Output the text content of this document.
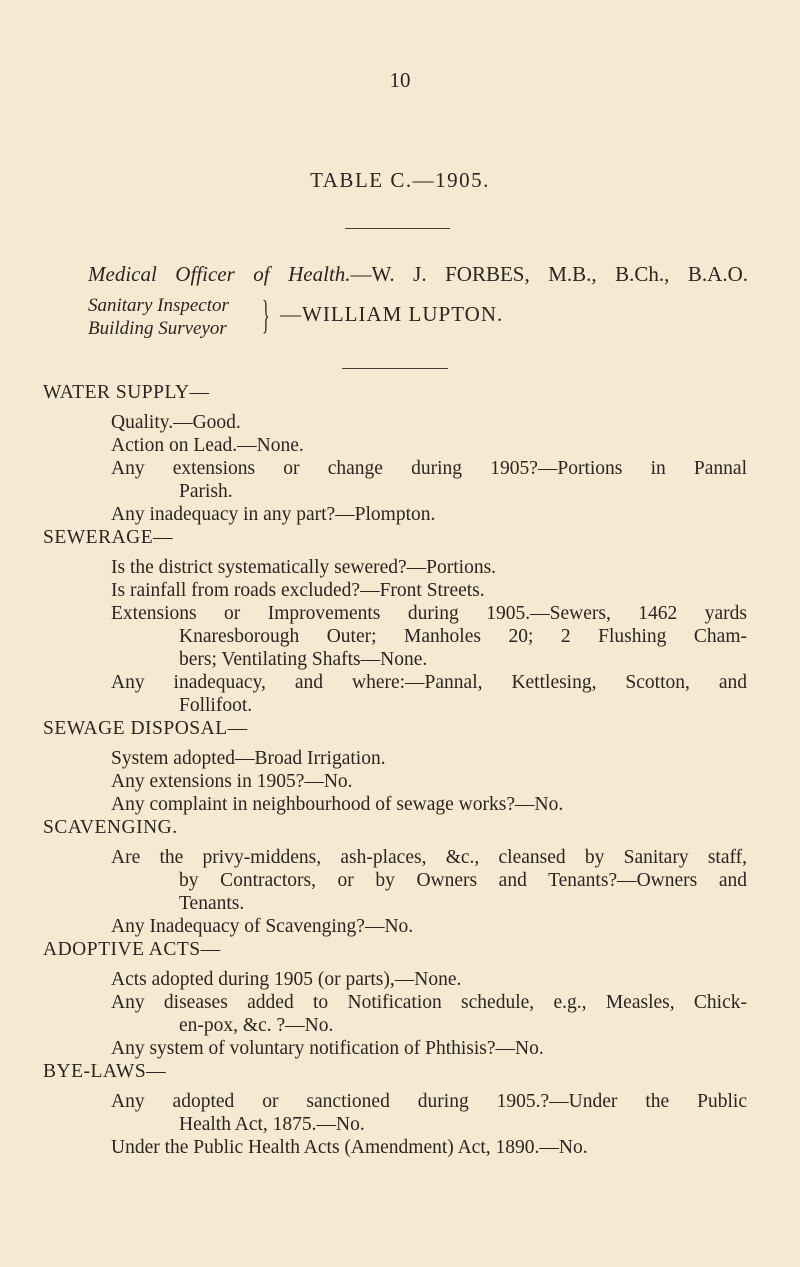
10
TABLE C.—1905.
Medical Officer of Health.—W. J. FORBES, M.B., B.Ch., B.A.O.
Sanitary Inspector
Building Surveyor } —WILLIAM LUPTON.
WATER SUPPLY—
Quality.—Good.
Action on Lead.—None.
Any extensions or change during 1905?—Portions in Pannal
Parish.
Any inadequacy in any part?—Plompton.
SEWERAGE—
Is the district systematically sewered?—Portions.
Is rainfall from roads excluded?—Front Streets.
Extensions or Improvements during 1905.—Sewers, 1462 yards
Knaresborough Outer; Manholes 20; 2 Flushing Cham-
bers; Ventilating Shafts—None.
Any inadequacy, and where:—Pannal, Kettlesing, Scotton, and
Follifoot.
SEWAGE DISPOSAL—
System adopted—Broad Irrigation.
Any extensions in 1905?—No.
Any complaint in neighbourhood of sewage works?—No.
SCAVENGING.
Are the privy-middens, ash-places, &c., cleansed by Sanitary staff,
by Contractors, or by Owners and Tenants?—Owners and
Tenants.
Any Inadequacy of Scavenging?—No.
ADOPTIVE ACTS—
Acts adopted during 1905 (or parts),—None.
Any diseases added to Notification schedule, e.g., Measles, Chick-
en-pox, &c. ?—No.
Any system of voluntary notification of Phthisis?—No.
BYE-LAWS—
Any adopted or sanctioned during 1905.?—Under the Public
Health Act, 1875.—No.
Under the Public Health Acts (Amendment) Act, 1890.—No.
